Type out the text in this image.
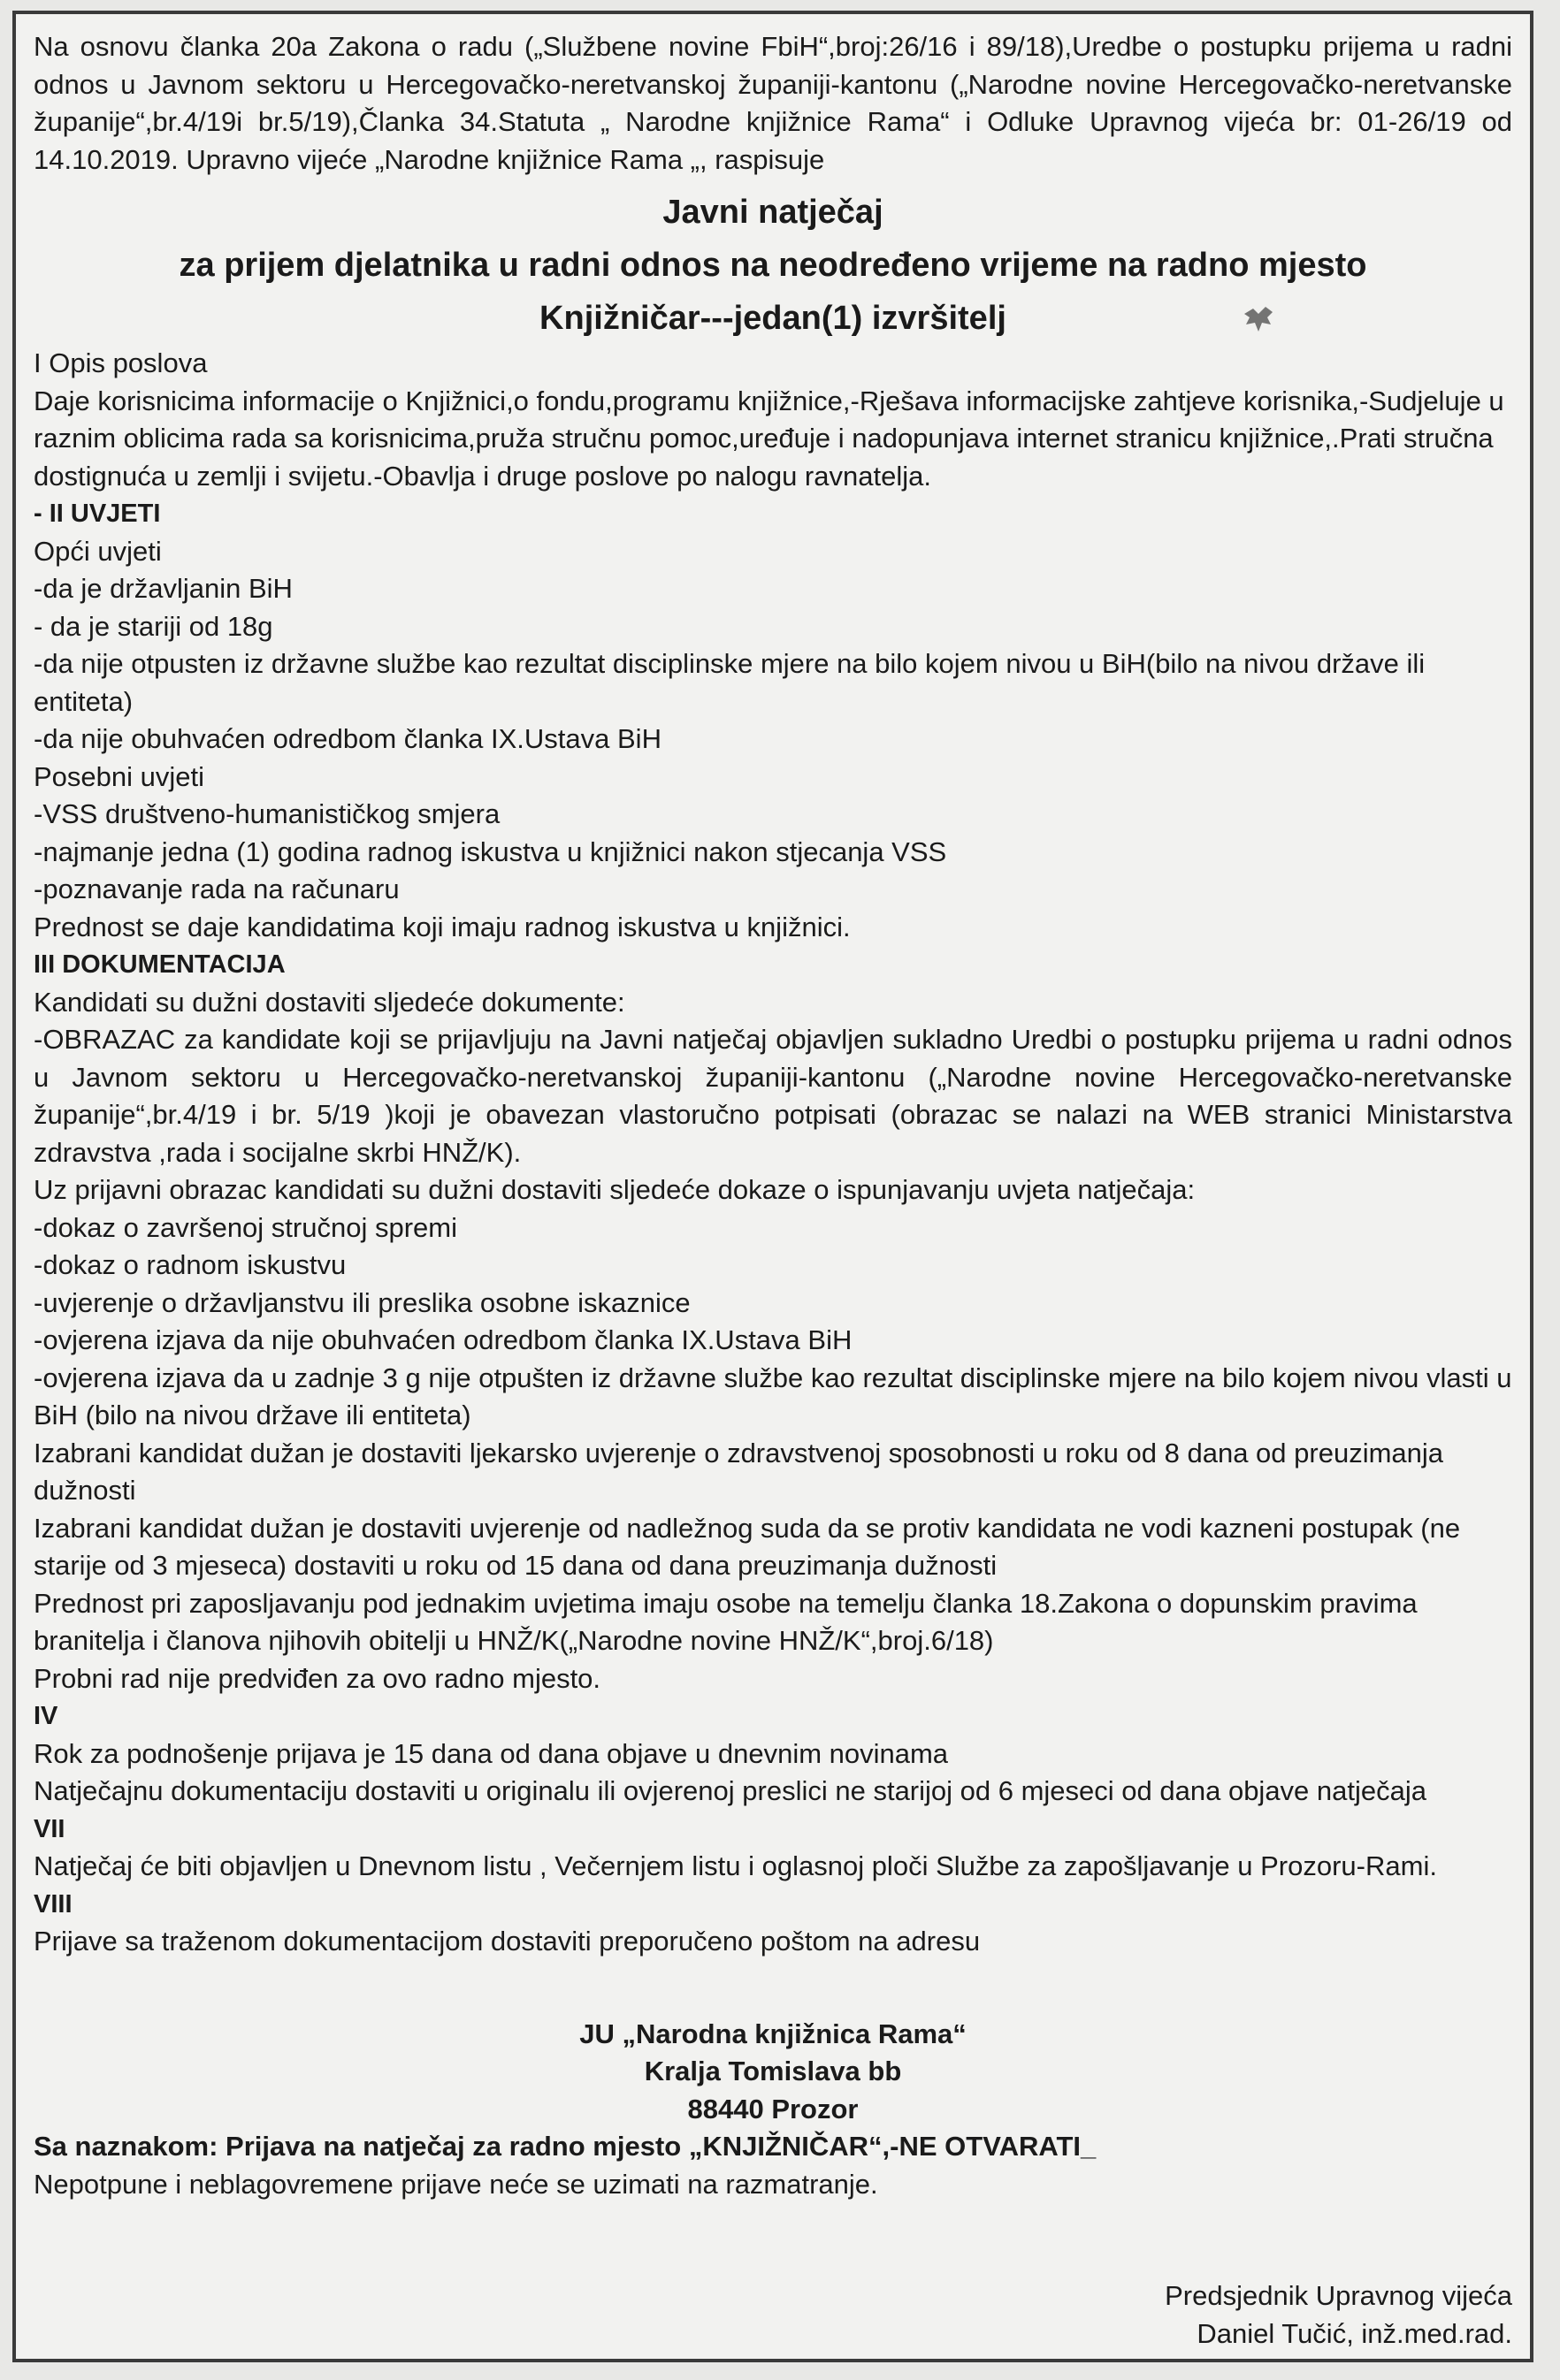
Na osnovu članka 20a Zakona o radu („Službene novine FbiH“,broj:26/16 i 89/18),Uredbe o postupku prijema u radni odnos u Javnom sektoru u Hercegovačko-neretvanskoj županiji-kantonu („Narodne novine Hercegovačko-neretvanske županije“,br.4/19i br.5/19),Članka 34.Statuta „ Narodne knjižnice Rama“ i Odluke Upravnog vijeća br: 01-26/19 od 14.10.2019. Upravno vijeće „Narodne knjižnice Rama „, raspisuje

Javni natječaj

za prijem djelatnika u radni odnos na neodređeno vrijeme na radno mjesto

Knjižničar---jedan(1) izvršitelj

I Opis poslova

Daje korisnicima informacije o Knjižnici,o fondu,programu knjižnice,-Rješava informacijske zahtjeve korisnika,-Sudjeluje u raznim oblicima rada sa korisnicima,pruža stručnu pomoc,uređuje i nadopunjava internet stranicu knjižnice,.Prati stručna dostignuća u zemlji i svijetu.-Obavlja i druge poslove po nalogu ravnatelja.

- II UVJETI

Opći uvjeti

-da je državljanin BiH

- da je stariji od 18g

-da nije otpusten iz državne službe kao rezultat disciplinske mjere na bilo kojem nivou u BiH(bilo na nivou države ili entiteta)

-da nije obuhvaćen odredbom članka IX.Ustava BiH

Posebni uvjeti

-VSS društveno-humanističkog smjera

-najmanje jedna (1) godina radnog iskustva u knjižnici nakon stjecanja VSS

-poznavanje rada na računaru

Prednost se daje kandidatima koji imaju radnog iskustva u knjižnici.

III DOKUMENTACIJA

Kandidati su dužni dostaviti sljedeće dokumente:

-OBRAZAC za kandidate koji se prijavljuju na Javni natječaj objavljen sukladno Uredbi o postupku prijema u radni odnos u Javnom sektoru u Hercegovačko-neretvanskoj županiji-kantonu („Narodne novine Hercegovačko-neretvanske županije“,br.4/19 i br. 5/19 )koji je obavezan vlastoručno potpisati (obrazac se nalazi na WEB stranici Ministarstva zdravstva ,rada i socijalne skrbi HNŽ/K).

Uz prijavni obrazac kandidati su dužni dostaviti sljedeće dokaze o ispunjavanju uvjeta natječaja:

-dokaz o završenoj stručnoj spremi

-dokaz o radnom iskustvu

-uvjerenje o državljanstvu ili preslika osobne iskaznice

-ovjerena izjava da nije obuhvaćen odredbom članka IX.Ustava BiH

-ovjerena izjava da u zadnje 3 g nije otpušten iz državne službe kao rezultat disciplinske mjere na bilo kojem nivou vlasti u BiH (bilo na nivou države ili entiteta)

Izabrani kandidat dužan je dostaviti ljekarsko uvjerenje o zdravstvenoj sposobnosti u roku od 8 dana od preuzimanja dužnosti

Izabrani kandidat dužan je dostaviti uvjerenje od nadležnog suda da se protiv kandidata ne vodi kazneni postupak (ne starije od 3 mjeseca) dostaviti u roku od 15 dana od dana preuzimanja dužnosti

Prednost pri zaposljavanju pod jednakim uvjetima imaju osobe na temelju članka 18.Zakona o dopunskim pravima branitelja i članova njihovih obitelji u HNŽ/K(„Narodne novine HNŽ/K“,broj.6/18)

Probni rad nije predviđen za ovo radno mjesto.

IV

Rok za podnošenje prijava je 15 dana od dana objave u dnevnim novinama

Natječajnu dokumentaciju dostaviti u originalu ili ovjerenoj preslici ne starijoj od 6 mjeseci od dana objave natječaja

VII

Natječaj će biti objavljen u Dnevnom listu , Večernjem listu i oglasnoj ploči Službe za zapošljavanje u Prozoru-Rami.

VIII

Prijave sa traženom dokumentacijom dostaviti preporučeno poštom na adresu

JU „Narodna knjižnica Rama“

Kralja Tomislava bb

88440 Prozor

Sa naznakom: Prijava na natječaj za radno mjesto „KNJIŽNIČAR“,-NE OTVARATI_

Nepotpune i neblagovremene prijave neće se uzimati na razmatranje.

Predsjednik Upravnog vijeća

Daniel Tučić, inž.med.rad.
